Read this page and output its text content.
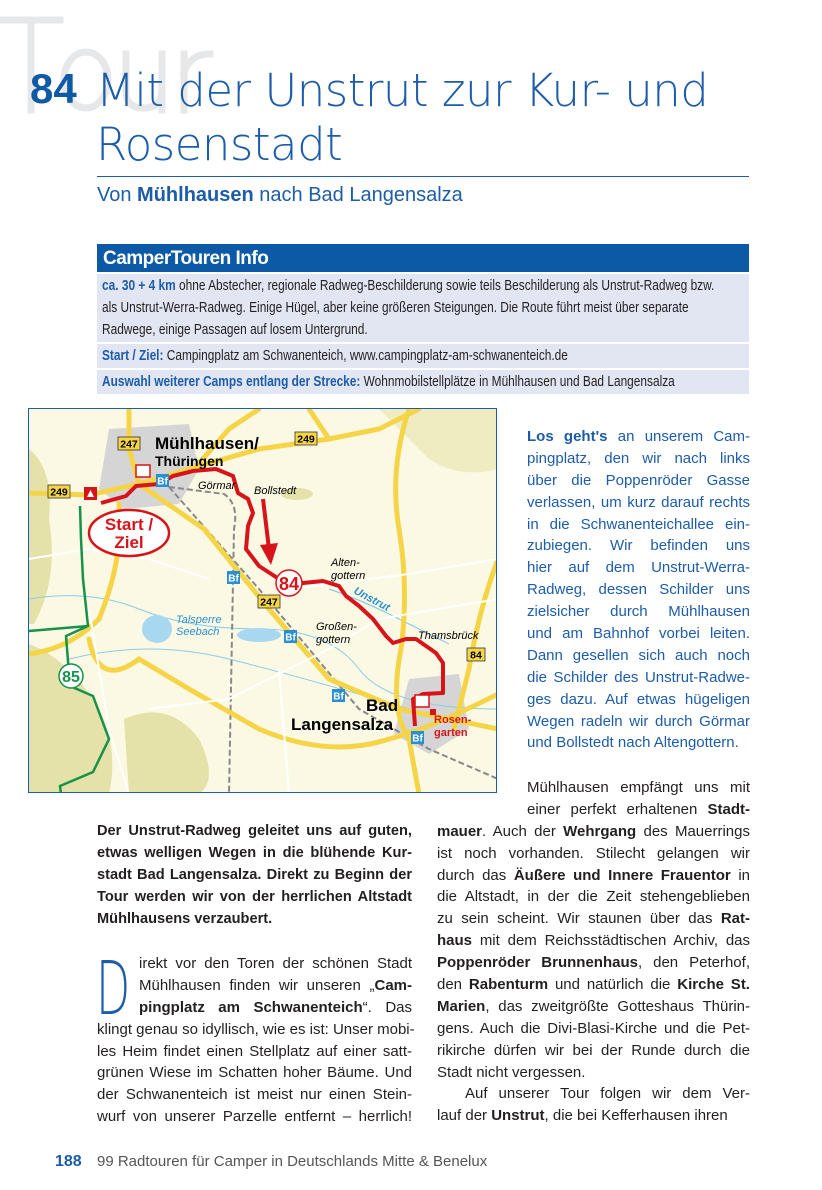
84 Mit der Unstrut zur Kur- und
Rosenstadt
Von Mühlhausen nach Bad Langensalza
CamperTouren Info
ca. 30 + 4 km ohne Abstecher, regionale Radweg-Beschilderung sowie teils Beschilderung als Unstrut-Radweg bzw.
als Unstrut-Werra-Radweg. Einige Hügel, aber keine größeren Steigungen. Die Route führt meist über separate
Radwege, einige Passagen auf losem Untergrund.
Start / Ziel: Campingplatz am Schwanenteich, www.campingplatz-am-schwanenteich.de
Auswahl weiterer Camps entlang der Strecke: Wohnmobilstellplätze in Mühlhausen und Bad Langensalza
Start /
Ziel
Bf
Bf
Bf
Bf
Bf
247	249
249
247
84
84
85
Mühlhausen/
Thüringen
Görmar Bollstedt
Alten-
gottern
Unstrut
Talsperre
Seebach	Großen-
gottern	Thamsbrück
Bad
Langensalza	Rosen-
garten
Los geht's an unserem Cam-
pingplatz, den wir nach links
über die Poppenröder Gasse
verlassen, um kurz darauf rechts
in die Schwanenteichallee ein-
zubiegen. Wir befinden uns
hier auf dem Unstrut-Werra-
Radweg, dessen Schilder uns
zielsicher durch Mühlhausen
und am Bahnhof vorbei leiten.
Dann gesellen sich auch noch
die Schilder des Unstrut-Radwe-
ges dazu. Auf etwas hügeligen
Wegen radeln wir durch Görmar
und Bollstedt nach Altengottern.
Mühlhausen empfängt uns mit
einer perfekt erhaltenen Stadt-
mauer. Auch der Wehrgang des Mauerrings
ist noch vorhanden. Stilecht gelangen wir
durch das Äußere und Innere Frauentor in
die Altstadt, in der die Zeit stehengeblieben
zu sein scheint. Wir staunen über das Rat-
haus mit dem Reichsstädtischen Archiv, das
Poppenröder Brunnenhaus, den Peterhof,
den Rabenturm und natürlich die Kirche St.
Marien, das zweitgrößte Gotteshaus Thürin-
gens. Auch die Divi-Blasi-Kirche und die Pet-
rikirche dürfen wir bei der Runde durch die
Stadt nicht vergessen.
Auf unserer Tour folgen wir dem Ver-
lauf der Unstrut, die bei Kefferhausen ihren
Der Unstrut-Radweg geleitet uns auf guten,
etwas welligen Wegen in die blühende Kur-
stadt Bad Langensalza. Direkt zu Beginn der
Tour werden wir von der herrlichen Altstadt
Mühlhausens verzaubert.
D irekt vor den Toren der schönen Stadt
Mühlhausen finden wir unseren „Cam-
pingplatz am Schwanenteich“. Das
klingt genau so idyllisch, wie es ist: Unser mobi-
les Heim findet einen Stellplatz auf einer satt-
grünen Wiese im Schatten hoher Bäume. Und
der Schwanenteich ist meist nur einen Stein-
wurf von unserer Parzelle entfernt – herrlich!
188 99 Radtouren für Camper in Deutschlands Mitte & Benelux
